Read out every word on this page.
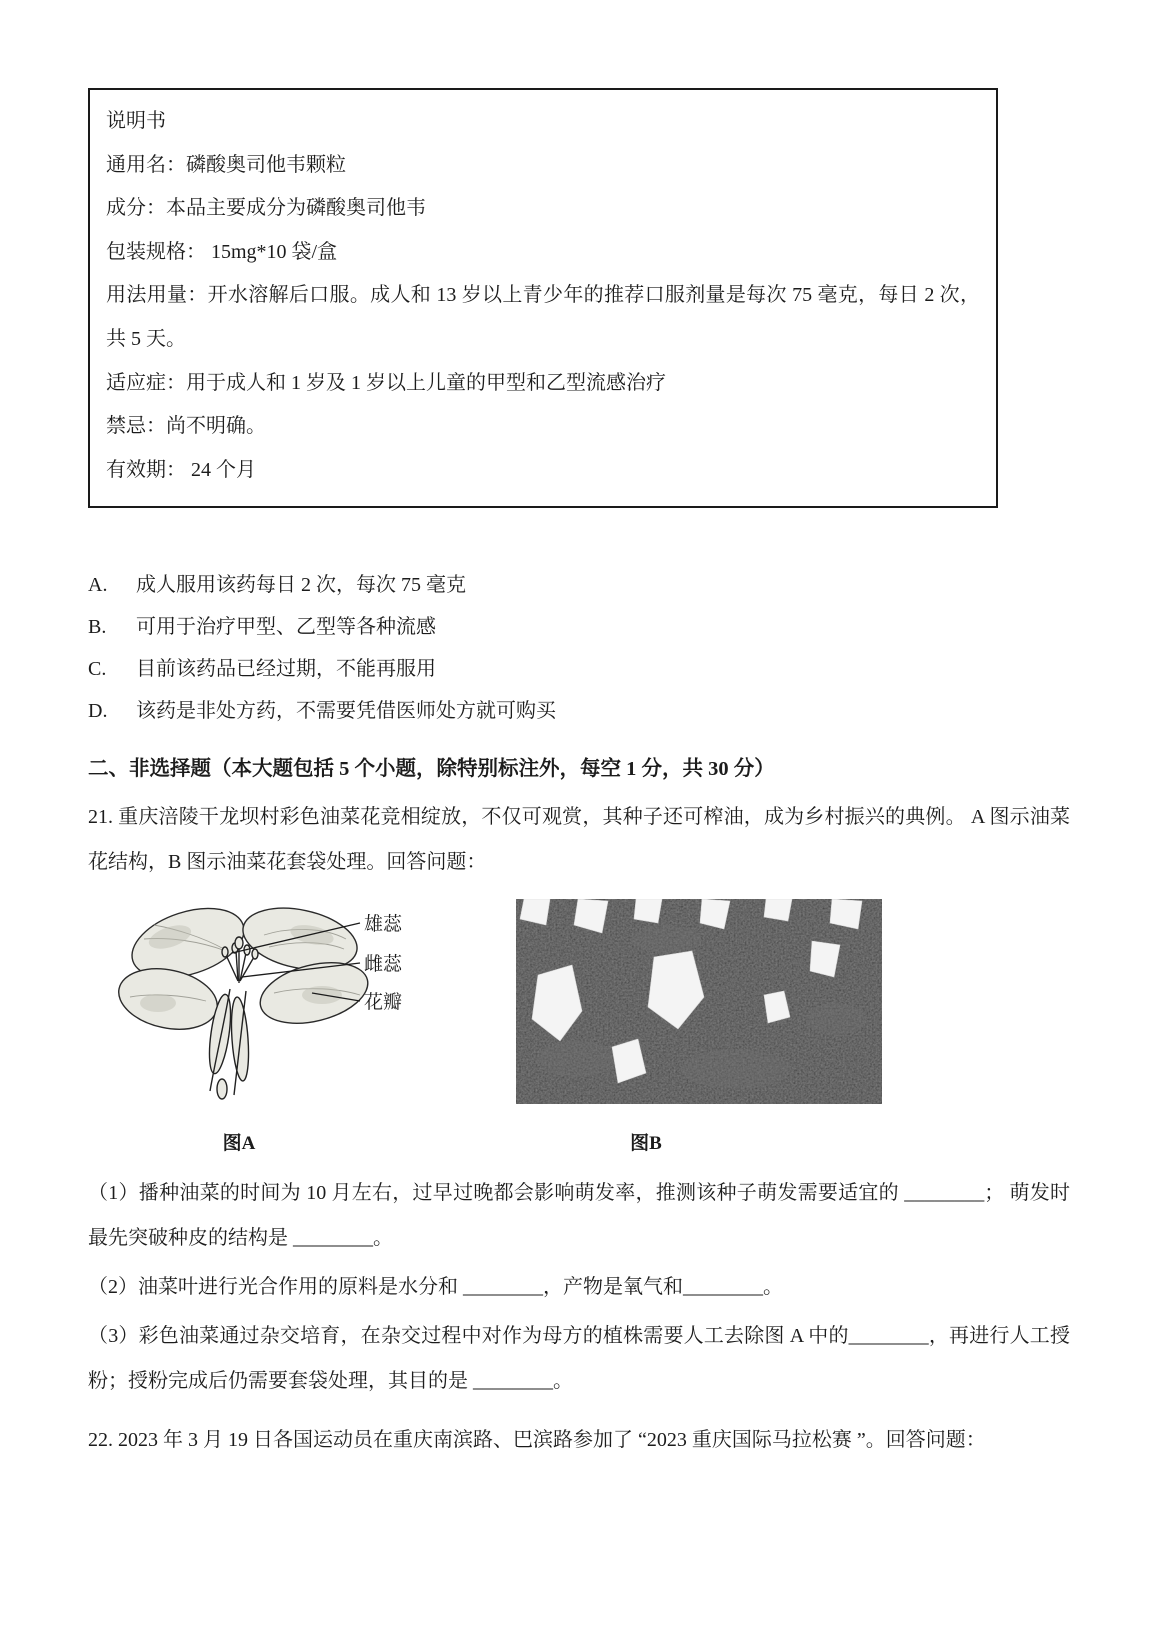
说明书

通用名：磷酸奥司他韦颗粒

成分：本品主要成分为磷酸奥司他韦

包装规格： 15mg*10 袋/盒

用法用量：开水溶解后口服。成人和 13 岁以上青少年的推荐口服剂量是每次 75 毫克，每日 2 次，共 5 天。

适应症：用于成人和 1 岁及 1 岁以上儿童的甲型和乙型流感治疗

禁忌：尚不明确。

有效期： 24 个月

A.	成人服用该药每日 2 次，每次 75 毫克
B.	可用于治疗甲型、乙型等各种流感
C.	目前该药品已经过期，不能再服用
D.	该药是非处方药，不需要凭借医师处方就可购买

二、非选择题（本大题包括 5 个小题，除特别标注外，每空 1 分，共 30 分）

21. 重庆涪陵干龙坝村彩色油菜花竞相绽放，不仅可观赏，其种子还可榨油，成为乡村振兴的典例。 A 图示油菜花结构，B 图示油菜花套袋处理。回答问题：

雄蕊
雌蕊
花瓣

图A	图B

（1）播种油菜的时间为 10 月左右，过早过晚都会影响萌发率，推测该种子萌发需要适宜的 ________； 萌发时最先突破种皮的结构是 ________。

（2）油菜叶进行光合作用的原料是水分和 ________，产物是氧气和________。

（3）彩色油菜通过杂交培育，在杂交过程中对作为母方的植株需要人工去除图 A 中的________，再进行人工授粉；授粉完成后仍需要套袋处理，其目的是 ________。

22. 2023 年 3 月 19 日各国运动员在重庆南滨路、巴滨路参加了 “2023 重庆国际马拉松赛 ”。回答问题：
